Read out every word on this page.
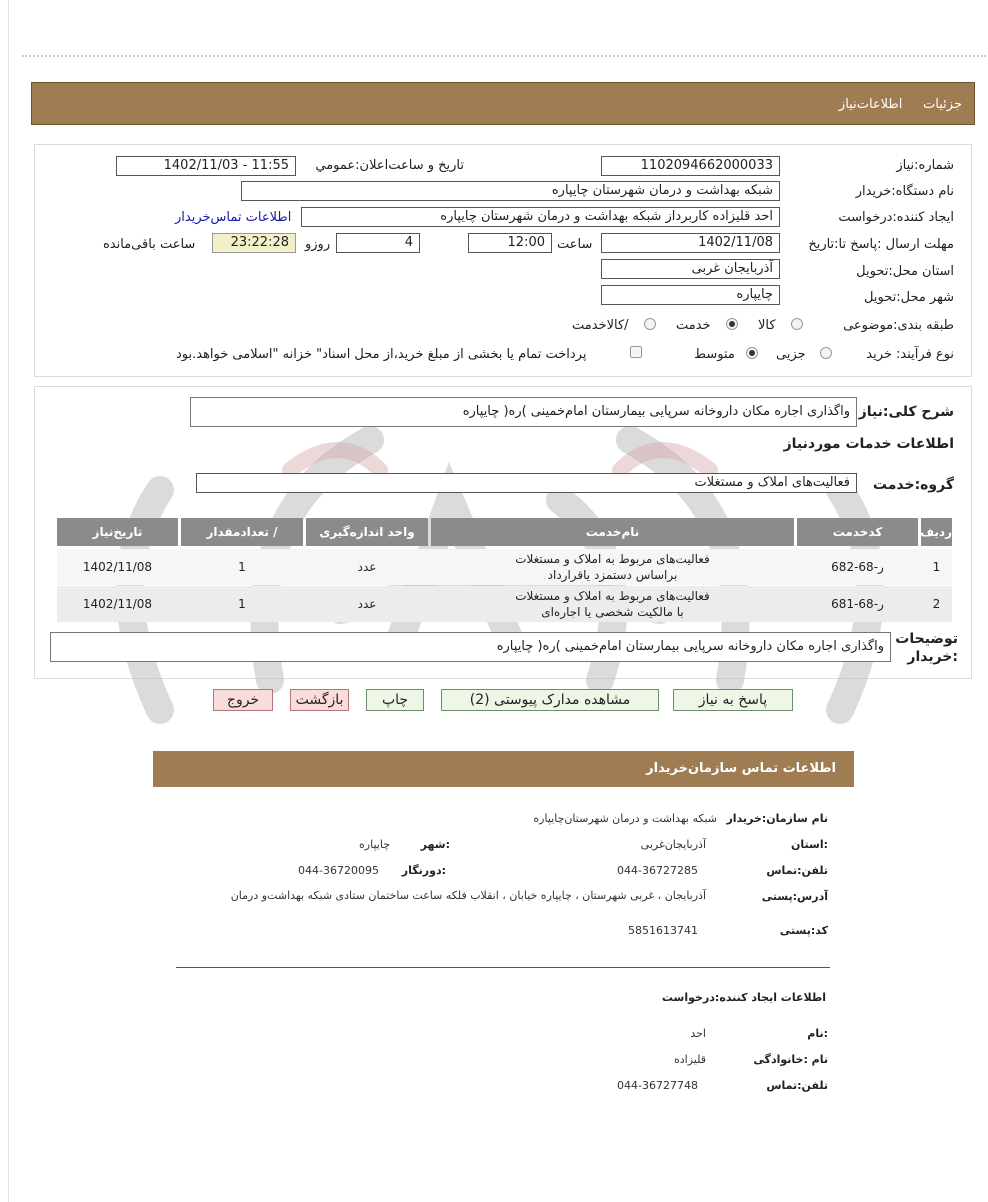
جزئیات     اطلاعات‌نیاز
شماره:نیاز
1102094662000033
تاریخ و ساعت‌اعلان:عمومي
1402/11/03 - 11:55
نام دستگاه:خریدار
شبکه بهداشت و درمان شهرستان چایپاره
ایجاد کننده:درخواست
احد قلیزاده کاربرداز شبکه بهداشت و درمان شهرستان چایپاره
اطلاعات تماس‌خریدار
مهلت ارسال :پاسخ تا:تاریخ
1402/11/08
ساعت
12:00
4
روزو
23:22:28
ساعت باقی‌مانده
استان محل:تحویل
آذربایجان غربی
شهر محل:تحویل
چایپاره
طبقه بندی:موضوعی
کالا
خدمت
/کالاخدمت
نوع فرآیند: خرید
جزیی
متوسط
پرداخت تمام یا بخشی از مبلغ خرید،از محل اسناد" خزانه "اسلامی خواهد.بود
شرح کلی:نیاز
واگذاری اجاره مکان داروخانه سرپایی بیمارستان امام‌خمینی )ره( چایپاره
اطلاعات خدمات موردنیاز
گروه:خدمت
فعالیت‌های املاک و مستغلات
ردیف
کدخدمت
نام‌خدمت
واحد اندازه‌گیری
/ تعدادمقدار
تاریخ‌نیاز
1
ر-68-682
فعالیت‌های مربوط به املاک و مستغلات
براساس دستمزد یاقرارداد
عدد
1
1402/11/08
2
ر-68-681
فعالیت‌های مربوط به املاک و مستغلات
با مالکیت شخصی یا اجاره‌ای
عدد
1
1402/11/08
توضیحات
:خریدار
واگذاری اجاره مکان داروخانه سرپایی بیمارستان امام‌خمینی )ره( چایپاره
پاسخ به نیاز
مشاهده مدارک پیوستی (2)
چاپ
بازگشت
خروج
اطلاعات تماس سازمان‌خریدار
نام سازمان:خریدار
شبکه بهداشت و درمان شهرستان‌چایپاره
:استان
آذربایجان‌غربی
:شهر
چایپاره
تلفن:تماس
044-36727285
:دورنگار
044-36720095
آدرس:پستی
آذربایجان ، غربی شهرستان ، چایپاره خیابان ، انقلاب فلکه ساعت ساختمان ستادی شبکه بهداشت‌و درمان
کد:پستی
5851613741
اطلاعات ایجاد کننده:درخواست
:نام
احد
نام :خانوادگی
قلیزاده
تلفن:تماس
044-36727748
